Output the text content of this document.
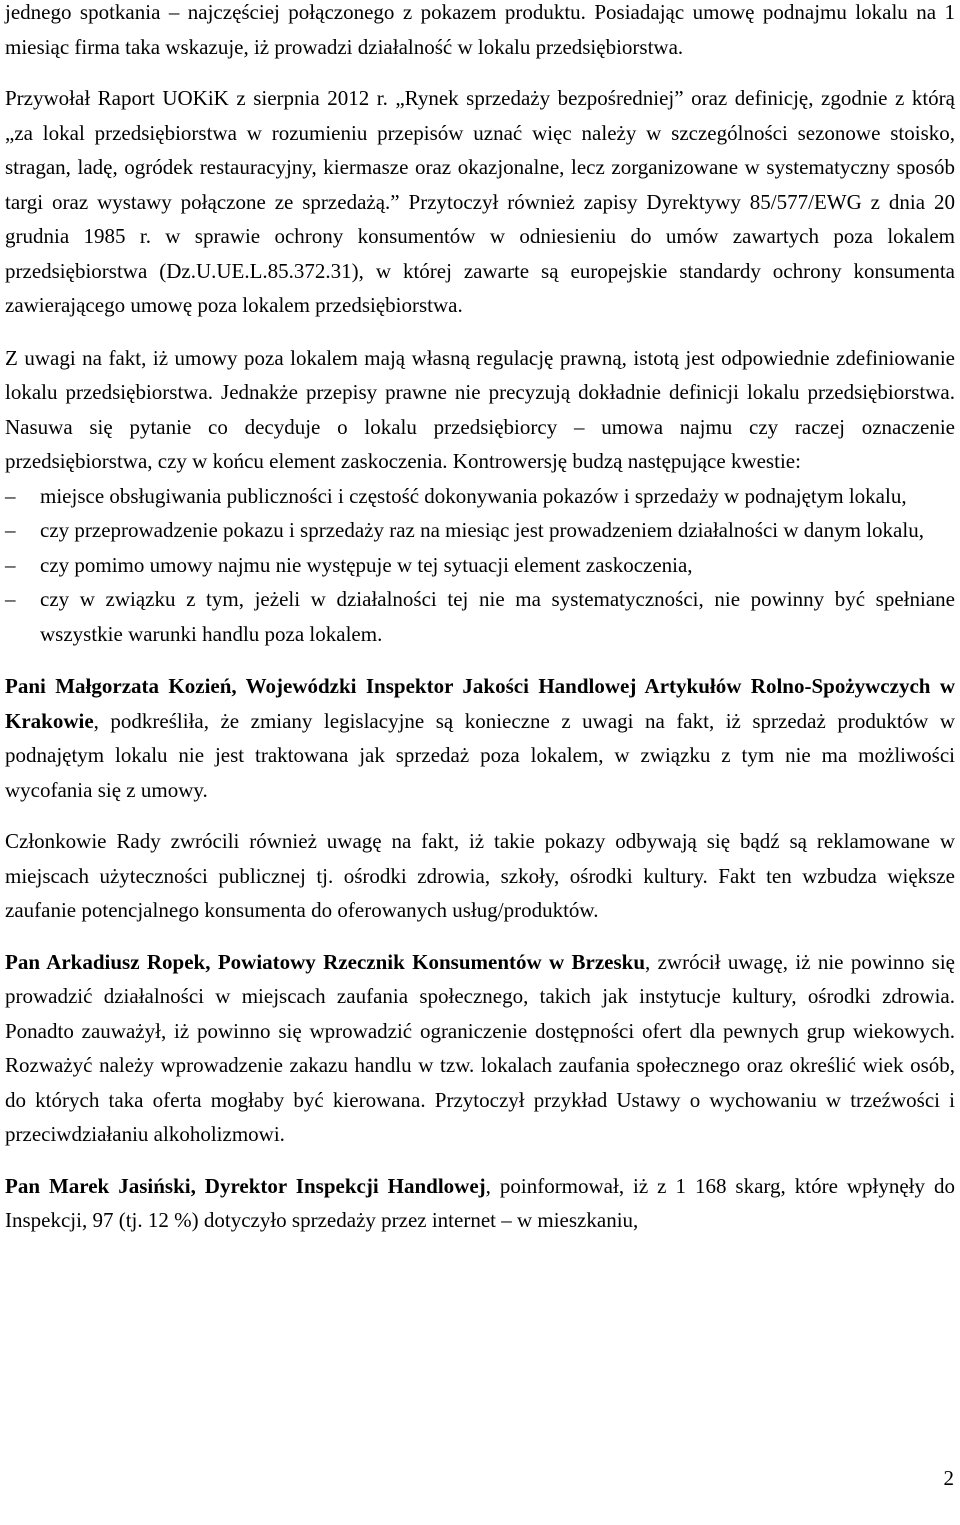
jednego spotkania – najczęściej połączonego z pokazem produktu. Posiadając umowę podnajmu lokalu na 1 miesiąc firma taka wskazuje, iż prowadzi działalność w lokalu przedsiębiorstwa.

Przywołał Raport UOKiK z sierpnia 2012 r. „Rynek sprzedaży bezpośredniej” oraz definicję, zgodnie z którą „za lokal przedsiębiorstwa w rozumieniu przepisów uznać więc należy w szczególności sezonowe stoisko, stragan, ladę, ogródek restauracyjny, kiermasze oraz okazjonalne, lecz zorganizowane w systematyczny sposób targi oraz wystawy połączone ze sprzedażą.” Przytoczył również zapisy Dyrektywy 85/577/EWG z dnia 20 grudnia 1985 r. w sprawie ochrony konsumentów w odniesieniu do umów zawartych poza lokalem przedsiębiorstwa (Dz.U.UE.L.85.372.31), w której zawarte są europejskie standardy ochrony konsumenta zawierającego umowę poza lokalem przedsiębiorstwa.

Z uwagi na fakt, iż umowy poza lokalem mają własną regulację prawną, istotą jest odpowiednie zdefiniowanie lokalu przedsiębiorstwa. Jednakże przepisy prawne nie precyzują dokładnie definicji lokalu przedsiębiorstwa. Nasuwa się pytanie co decyduje o lokalu przedsiębiorcy – umowa najmu czy raczej oznaczenie przedsiębiorstwa, czy w końcu element zaskoczenia. Kontrowersję budzą następujące kwestie:

–	miejsce obsługiwania publiczności i częstość dokonywania pokazów i sprzedaży w podnajętym lokalu,
–	czy przeprowadzenie pokazu i sprzedaży raz na miesiąc jest prowadzeniem działalności w danym lokalu,
–	czy pomimo umowy najmu nie występuje w tej sytuacji element zaskoczenia,
–	czy w związku z tym, jeżeli w działalności tej nie ma systematyczności, nie powinny być spełniane wszystkie warunki handlu poza lokalem.

Pani Małgorzata Kozień, Wojewódzki Inspektor Jakości Handlowej Artykułów Rolno-Spożywczych w Krakowie, podkreśliła, że zmiany legislacyjne są konieczne z uwagi na fakt, iż sprzedaż produktów w podnajętym lokalu nie jest traktowana jak sprzedaż poza lokalem, w związku z tym nie ma możliwości wycofania się z umowy.

Członkowie Rady zwrócili również uwagę na fakt, iż takie pokazy odbywają się bądź są reklamowane w miejscach użyteczności publicznej tj. ośrodki zdrowia, szkoły, ośrodki kultury. Fakt ten wzbudza większe zaufanie potencjalnego konsumenta do oferowanych usług/produktów.

Pan Arkadiusz Ropek, Powiatowy Rzecznik Konsumentów w Brzesku, zwrócił uwagę, iż nie powinno się prowadzić działalności w miejscach zaufania społecznego, takich jak instytucje kultury, ośrodki zdrowia. Ponadto zauważył, iż powinno się wprowadzić ograniczenie dostępności ofert dla pewnych grup wiekowych. Rozważyć należy wprowadzenie zakazu handlu w tzw. lokalach zaufania społecznego oraz określić wiek osób, do których taka oferta mogłaby być kierowana. Przytoczył przykład Ustawy o wychowaniu w trzeźwości i przeciwdziałaniu alkoholizmowi.

Pan Marek Jasiński, Dyrektor Inspekcji Handlowej, poinformował, iż z 1 168 skarg, które wpłynęły do Inspekcji, 97 (tj. 12 %) dotyczyło sprzedaży przez internet – w mieszkaniu,

2
